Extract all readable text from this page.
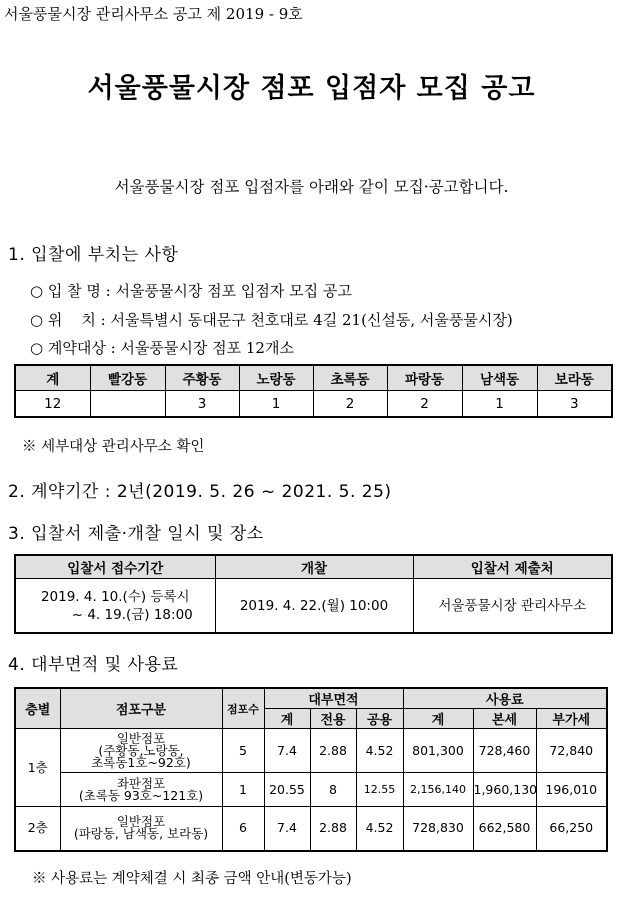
서울풍물시장 관리사무소 공고 제 2019 - 9호
서울풍물시장 점포 입점자 모집 공고
서울풍물시장 점포 입점자를 아래와 같이 모집·공고합니다.
1. 입찰에 부치는 사항
○ 입 찰 명 : 서울풍물시장 점포 입점자 모집 공고
○ 위    치 : 서울특별시 동대문구 천호대로 4길 21(신설동, 서울풍물시장)
○ 계약대상 : 서울풍물시장 점포 12개소
계	빨강동	주황동	노랑동	초록동	파랑동	남색동	보라동
12		3	1	2	2	1	3
※ 세부대상 관리사무소 확인
2. 계약기간 : 2년(2019. 5. 26 ~ 2021. 5. 25)
3. 입찰서 제출·개찰 일시 및 장소
입찰서 접수기간	개찰	입찰서 제출처

2019. 4. 10.(수) 등록시
~ 4. 19.(금) 18:00	2019. 4. 22.(월) 10:00	서울풍물시장 관리사무소
4. 대부면적 및 사용료
층별	점포구분	점포수	대부면적			사용료		
			계	전용	공용	계	본세	부가세
1층	일반점포
(주황동,노랑동,
초록동1호~92호)	5	7.4	2.88	4.52	801,300	728,460	72,840

	좌판점포
(초록동 93호~121호)	1	20.55	8	12.55	2,156,140	1,960,130	196,010
2층	일반점포
(파랑동, 남색동, 보라동)	6	7.4	2.88	4.52	728,830	662,580	66,250
※ 사용료는 계약체결 시 최종 금액 안내(변동가능)
